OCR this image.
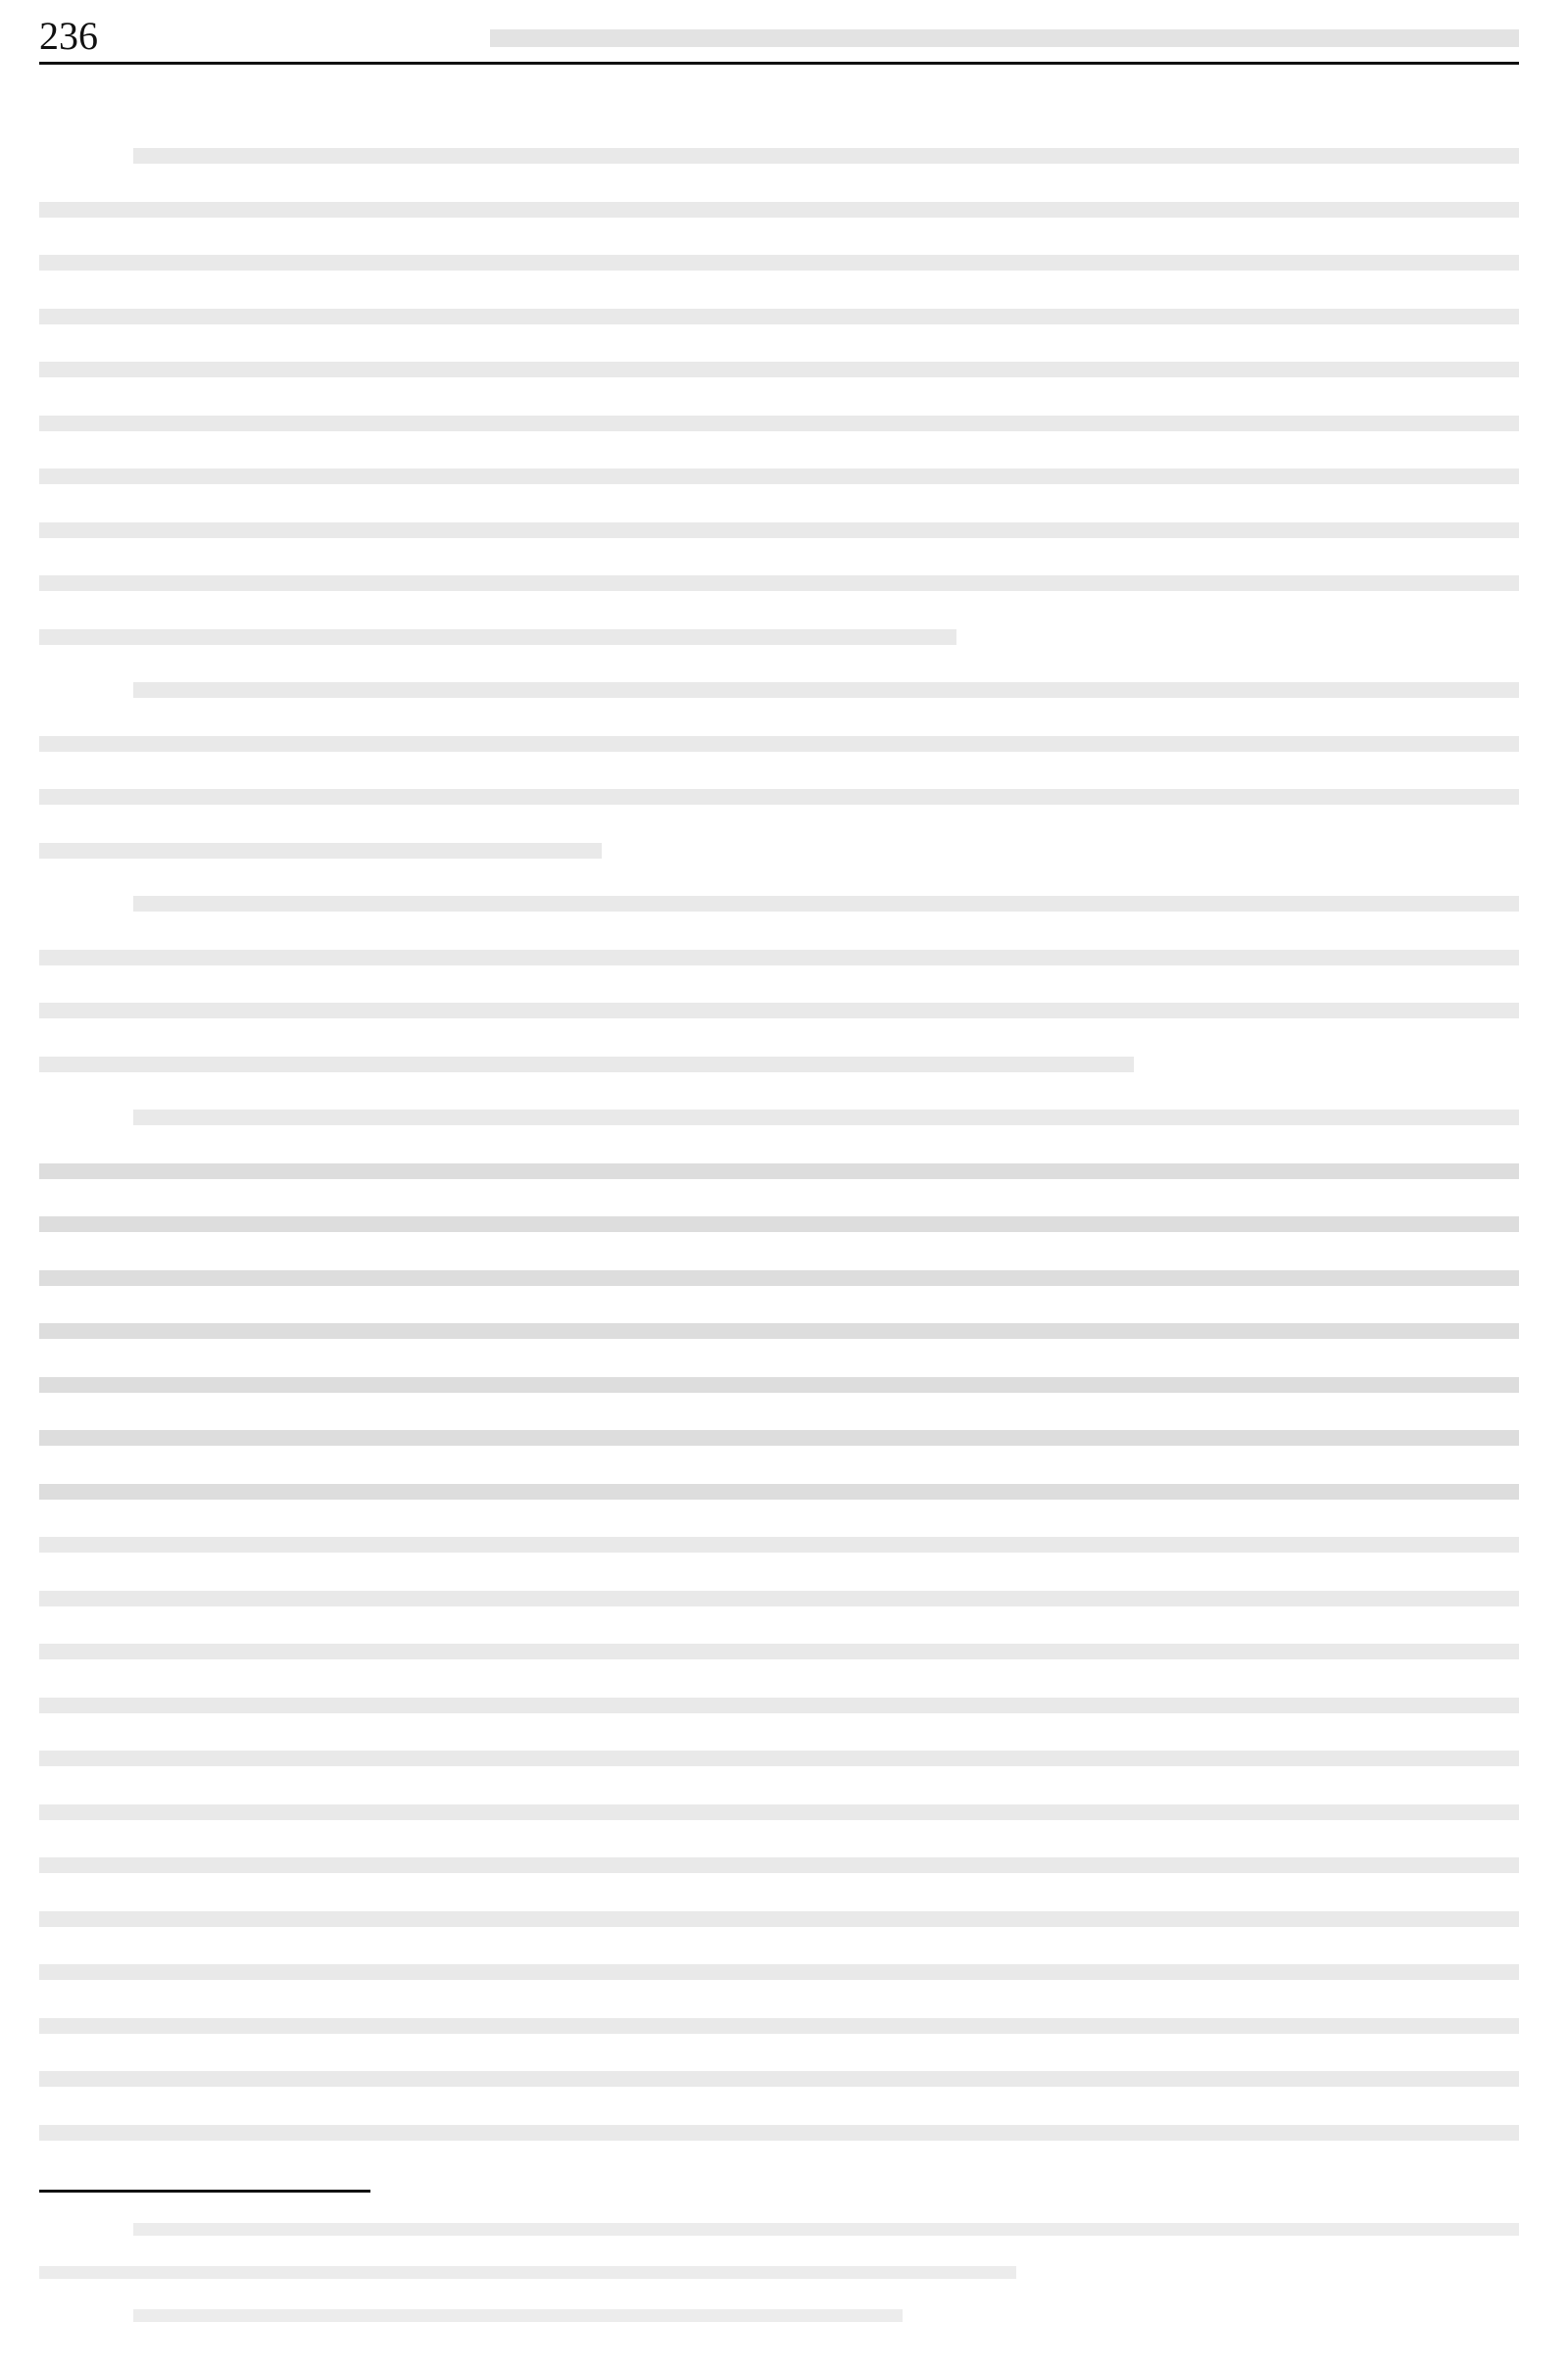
236
